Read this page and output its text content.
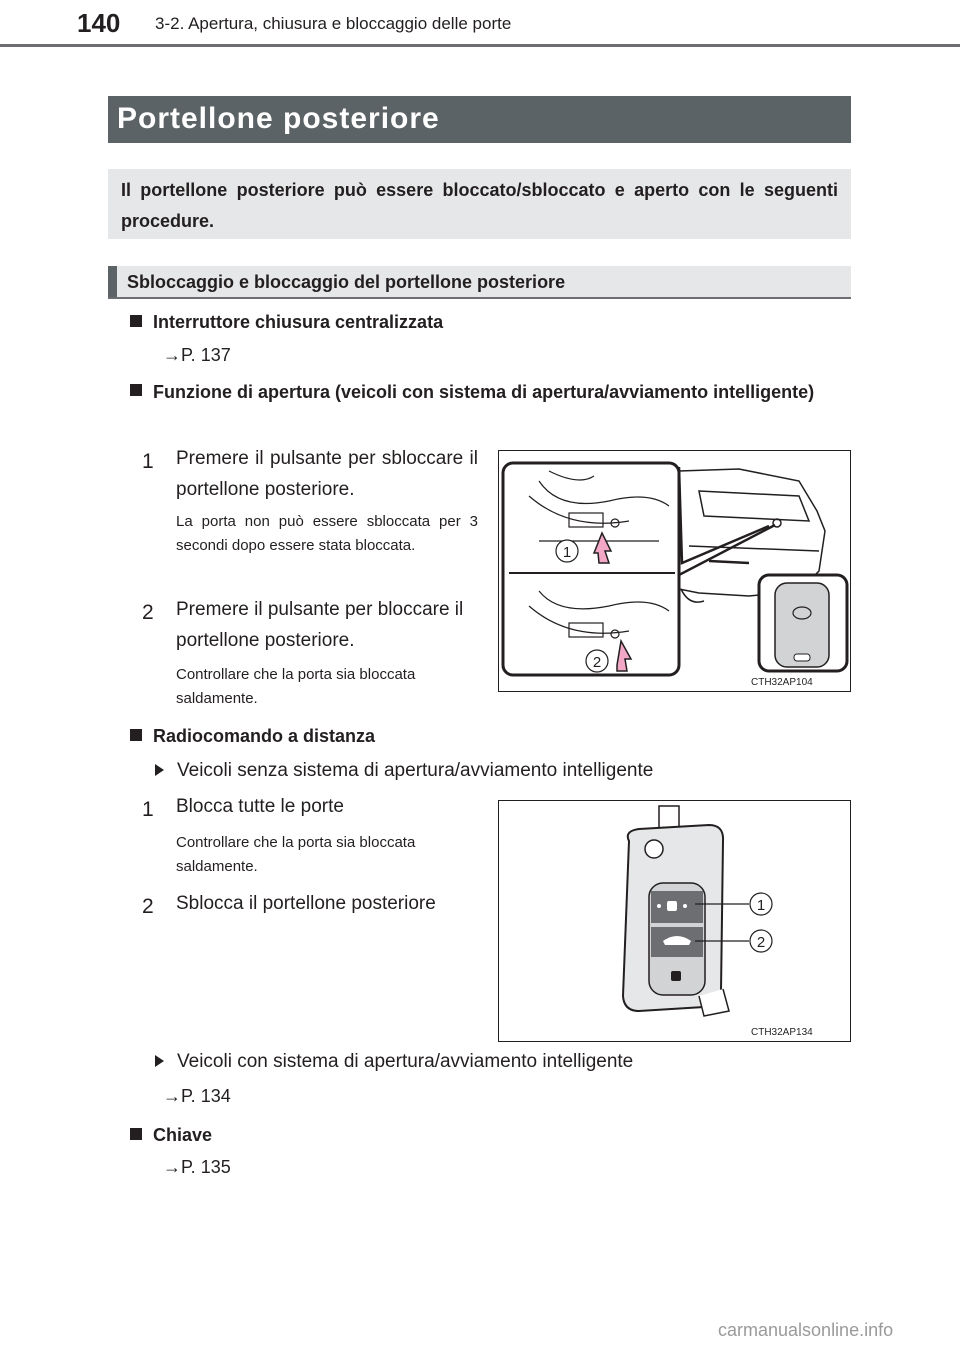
140 3-2. Apertura, chiusura e bloccaggio delle porte
Portellone posteriore
Il portellone posteriore può essere bloccato/sbloccato e aperto con le seguenti procedure.
Sbloccaggio e bloccaggio del portellone posteriore
Interruttore chiusura centralizzata
→P. 137
Funzione di apertura (veicoli con sistema di apertura/avviamento intelligente)
1 Premere il pulsante per sbloccare il portellone posteriore.
La porta non può essere sbloccata per 3 secondi dopo essere stata bloccata.
2 Premere il pulsante per bloccare il portellone posteriore.
Controllare che la porta sia bloccata saldamente.
1
2
CTH32AP104
Radiocomando a distanza
Veicoli senza sistema di apertura/avviamento intelligente
1 Blocca tutte le porte
Controllare che la porta sia bloccata saldamente.
2 Sblocca il portellone posteriore	1
2
CTH32AP134
Veicoli con sistema di apertura/avviamento intelligente
→P. 134
Chiave
→P. 135
carmanualsonline.info
